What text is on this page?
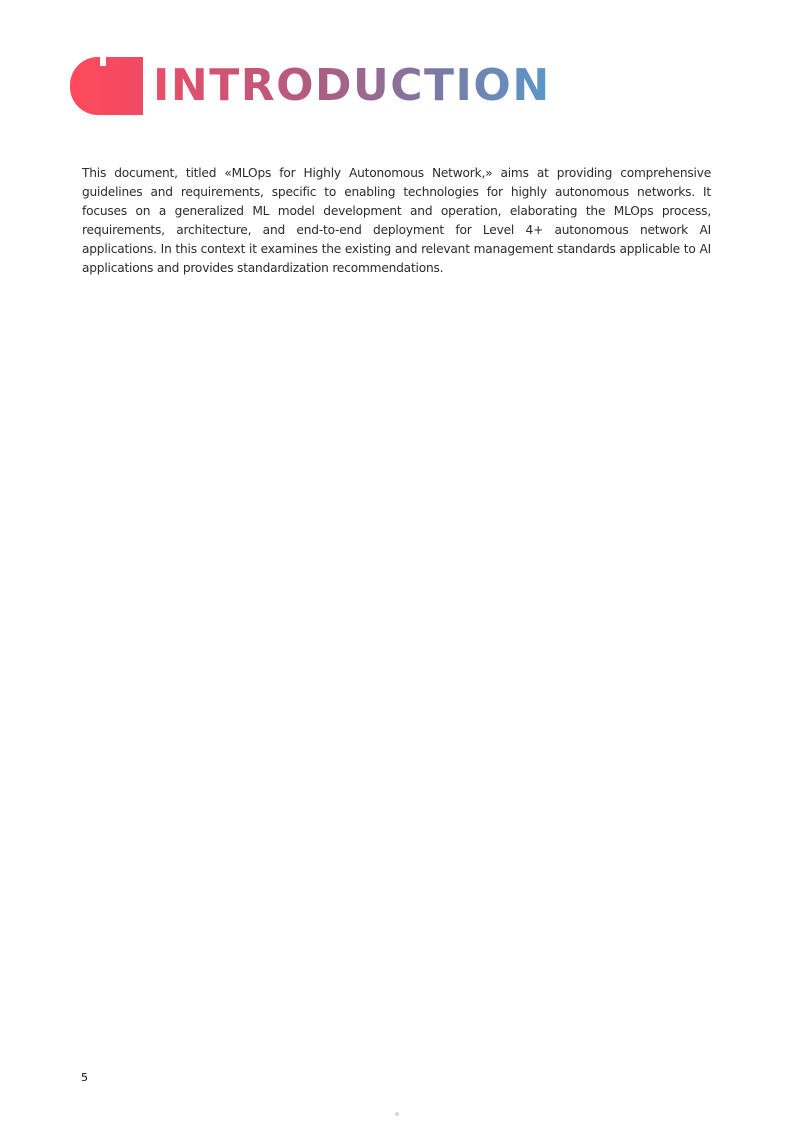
INTRODUCTION

This document, titled «MLOps for Highly Autonomous Network,» aims at providing comprehensive guidelines and requirements, specific to enabling technologies for highly autonomous networks. It focuses on a generalized ML model development and operation, elaborating the MLOps process, requirements, architecture, and end-to-end deployment for Level 4+ autonomous network AI applications. In this context it examines the existing and relevant management standards applicable to AI applications and provides standardization recommendations.

5
